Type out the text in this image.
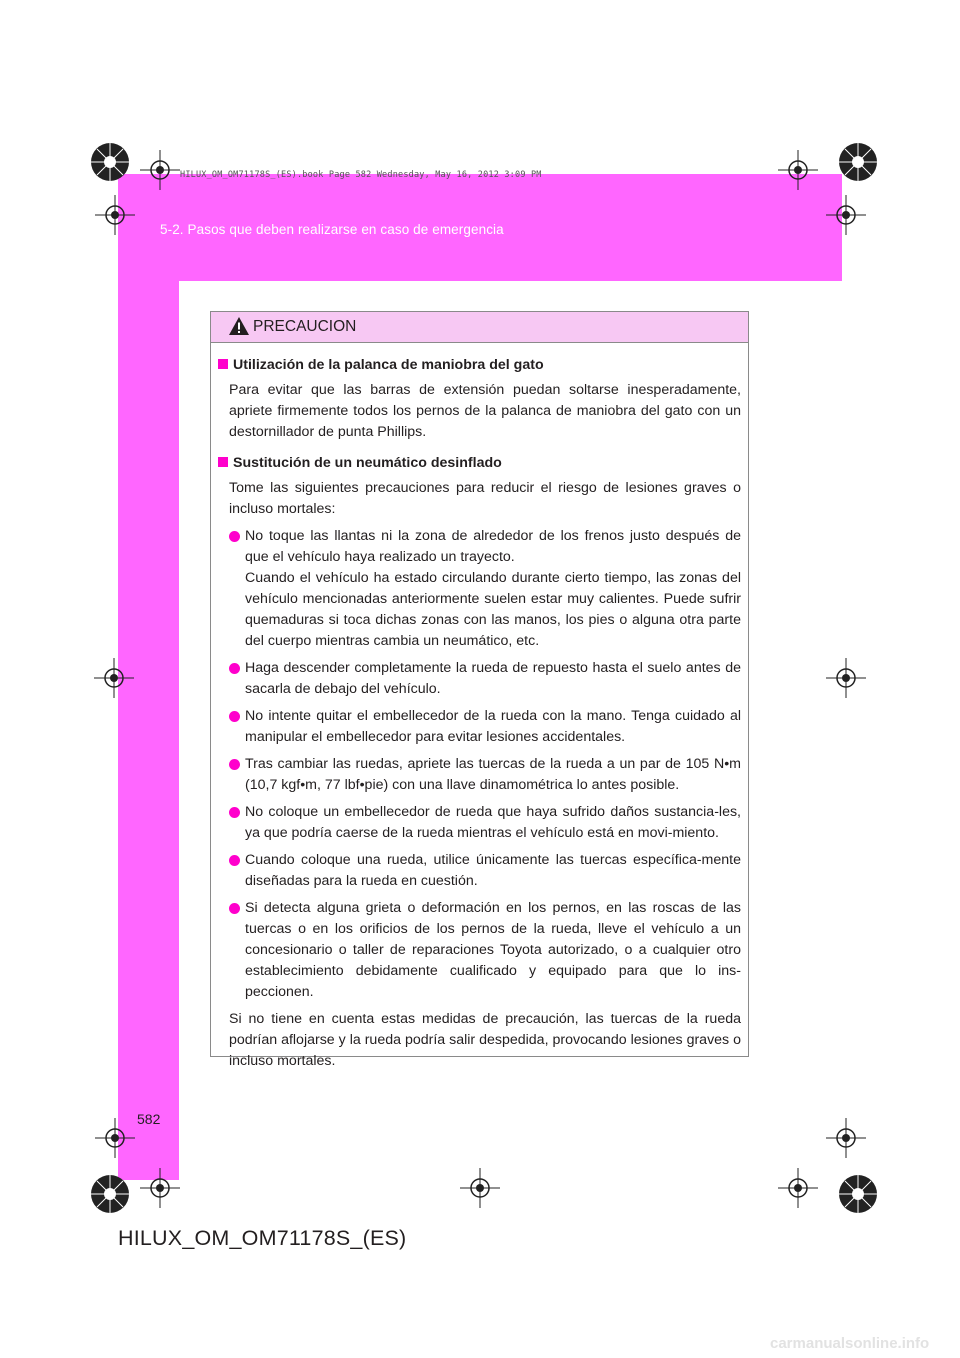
HILUX_OM_OM71178S_(ES).book Page 582 Wednesday, May 16, 2012 3:09 PM
5-2. Pasos que deben realizarse en caso de emergencia
PRECAUCION
Utilización de la palanca de maniobra del gato

Para evitar que las barras de extensión puedan soltarse inesperadamente, apriete firmemente todos los pernos de la palanca de maniobra del gato con un destornillador de punta Phillips.

Sustitución de un neumático desinflado

Tome las siguientes precauciones para reducir el riesgo de lesiones graves o incluso mortales:

No toque las llantas ni la zona de alrededor de los frenos justo después de que el vehículo haya realizado un trayecto.
Cuando el vehículo ha estado circulando durante cierto tiempo, las zonas del vehículo mencionadas anteriormente suelen estar muy calientes. Puede sufrir quemaduras si toca dichas zonas con las manos, los pies o alguna otra parte del cuerpo mientras cambia un neumático, etc.
Haga descender completamente la rueda de repuesto hasta el suelo antes de sacarla de debajo del vehículo.
No intente quitar el embellecedor de la rueda con la mano. Tenga cuidado al manipular el embellecedor para evitar lesiones accidentales.
Tras cambiar las ruedas, apriete las tuercas de la rueda a un par de 105 N•m (10,7 kgf•m, 77 lbf•pie) con una llave dinamométrica lo antes posible.
No coloque un embellecedor de rueda que haya sufrido daños sustancia-les, ya que podría caerse de la rueda mientras el vehículo está en movi-miento.
Cuando coloque una rueda, utilice únicamente las tuercas específica-mente diseñadas para la rueda en cuestión.
Si detecta alguna grieta o deformación en los pernos, en las roscas de las tuercas o en los orificios de los pernos de la rueda, lleve el vehículo a un concesionario o taller de reparaciones Toyota autorizado, o a cualquier otro establecimiento debidamente cualificado y equipado para que lo ins-peccionen.

Si no tiene en cuenta estas medidas de precaución, las tuercas de la rueda podrían aflojarse y la rueda podría salir despedida, provocando lesiones graves o incluso mortales.

582
HILUX_OM_OM71178S_(ES)
carmanualsonline.info
